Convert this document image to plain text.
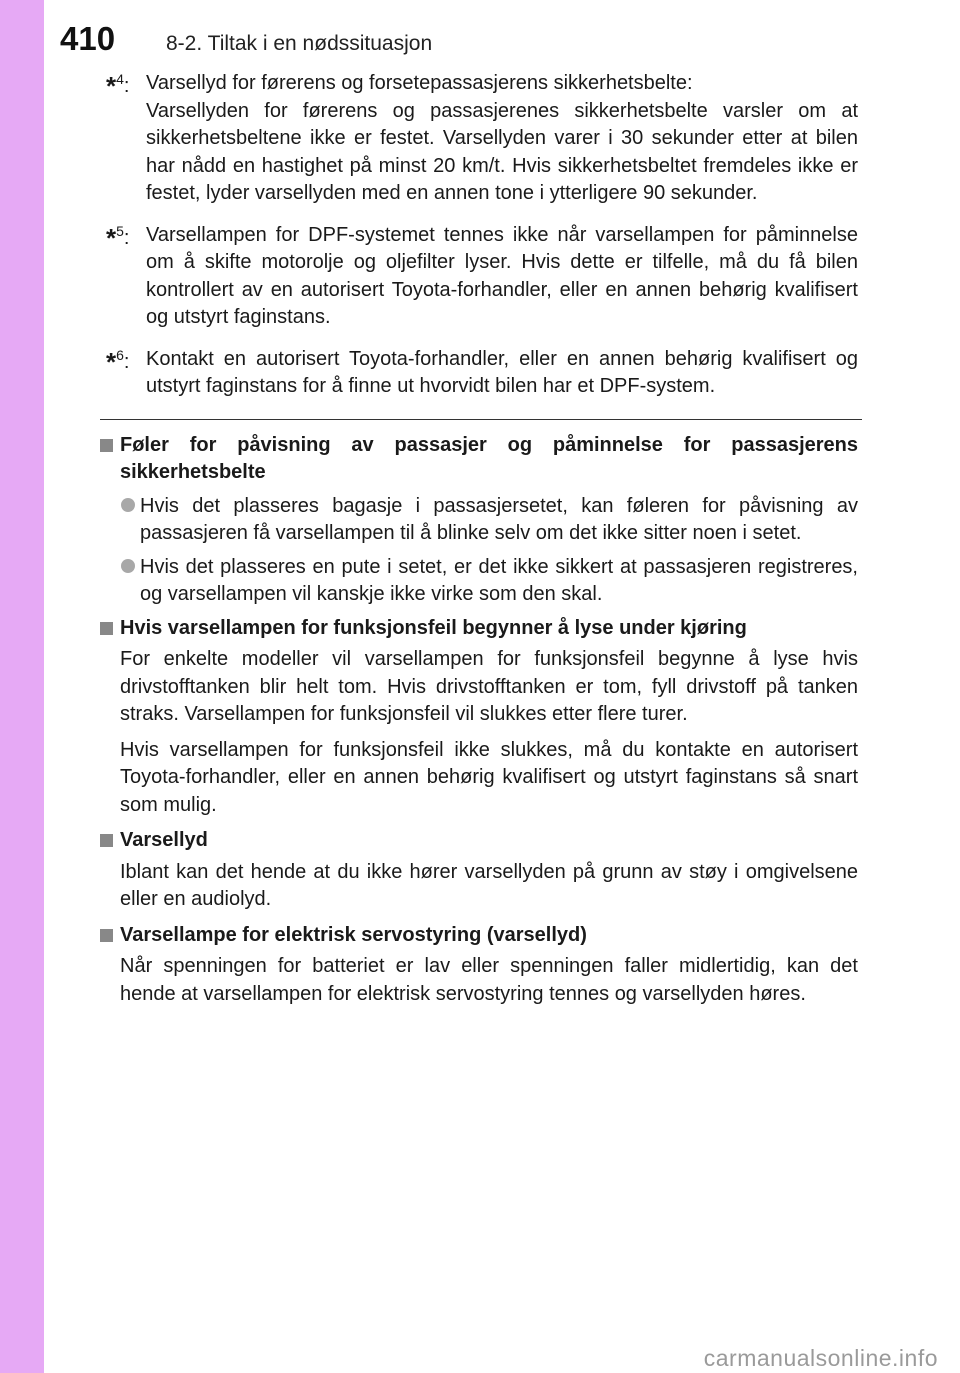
410 8-2. Tiltak i en nødssituasjon
*$^4$: Varsellyd for førerens og forsetepassasjerens sikkerhetsbelte:
Varsellyden for førerens og passasjerenes sikkerhetsbelte varsler om at sikkerhetsbeltene ikke er festet. Varsellyden varer i 30 sekunder etter at bilen har nådd en hastighet på minst 20 km/t. Hvis sikkerhetsbeltet fremdeles ikke er festet, lyder varsellyden med en annen tone i ytterligere 90 sekunder.
*$^5$: Varsellampen for DPF-systemet tennes ikke når varsellampen for påminnelse om å skifte motorolje og oljefilter lyser. Hvis dette er tilfelle, må du få bilen kontrollert av en autorisert Toyota-forhandler, eller en annen behørig kvalifisert og utstyrt faginstans.
*$^6$: Kontakt en autorisert Toyota-forhandler, eller en annen behørig kvalifisert og utstyrt faginstans for å finne ut hvorvidt bilen har et DPF-system.
Føler for påvisning av passasjer og påminnelse for passasjerens sikkerhetsbelte
Hvis det plasseres bagasje i passasjersetet, kan føleren for påvisning av passasjeren få varsellampen til å blinke selv om det ikke sitter noen i setet.
Hvis det plasseres en pute i setet, er det ikke sikkert at passasjeren registreres, og varsellampen vil kanskje ikke virke som den skal.
Hvis varsellampen for funksjonsfeil begynner å lyse under kjøring
For enkelte modeller vil varsellampen for funksjonsfeil begynne å lyse hvis drivstofftanken blir helt tom. Hvis drivstofftanken er tom, fyll drivstoff på tanken straks. Varsellampen for funksjonsfeil vil slukkes etter flere turer.
Hvis varsellampen for funksjonsfeil ikke slukkes, må du kontakte en autorisert Toyota-forhandler, eller en annen behørig kvalifisert og utstyrt faginstans så snart som mulig.
Varsellyd
Iblant kan det hende at du ikke hører varsellyden på grunn av støy i omgivelsene eller en audiolyd.
Varsellampe for elektrisk servostyring (varsellyd)
Når spenningen for batteriet er lav eller spenningen faller midlertidig, kan det hende at varsellampen for elektrisk servostyring tennes og varsellyden høres.
carmanualsonline.info
